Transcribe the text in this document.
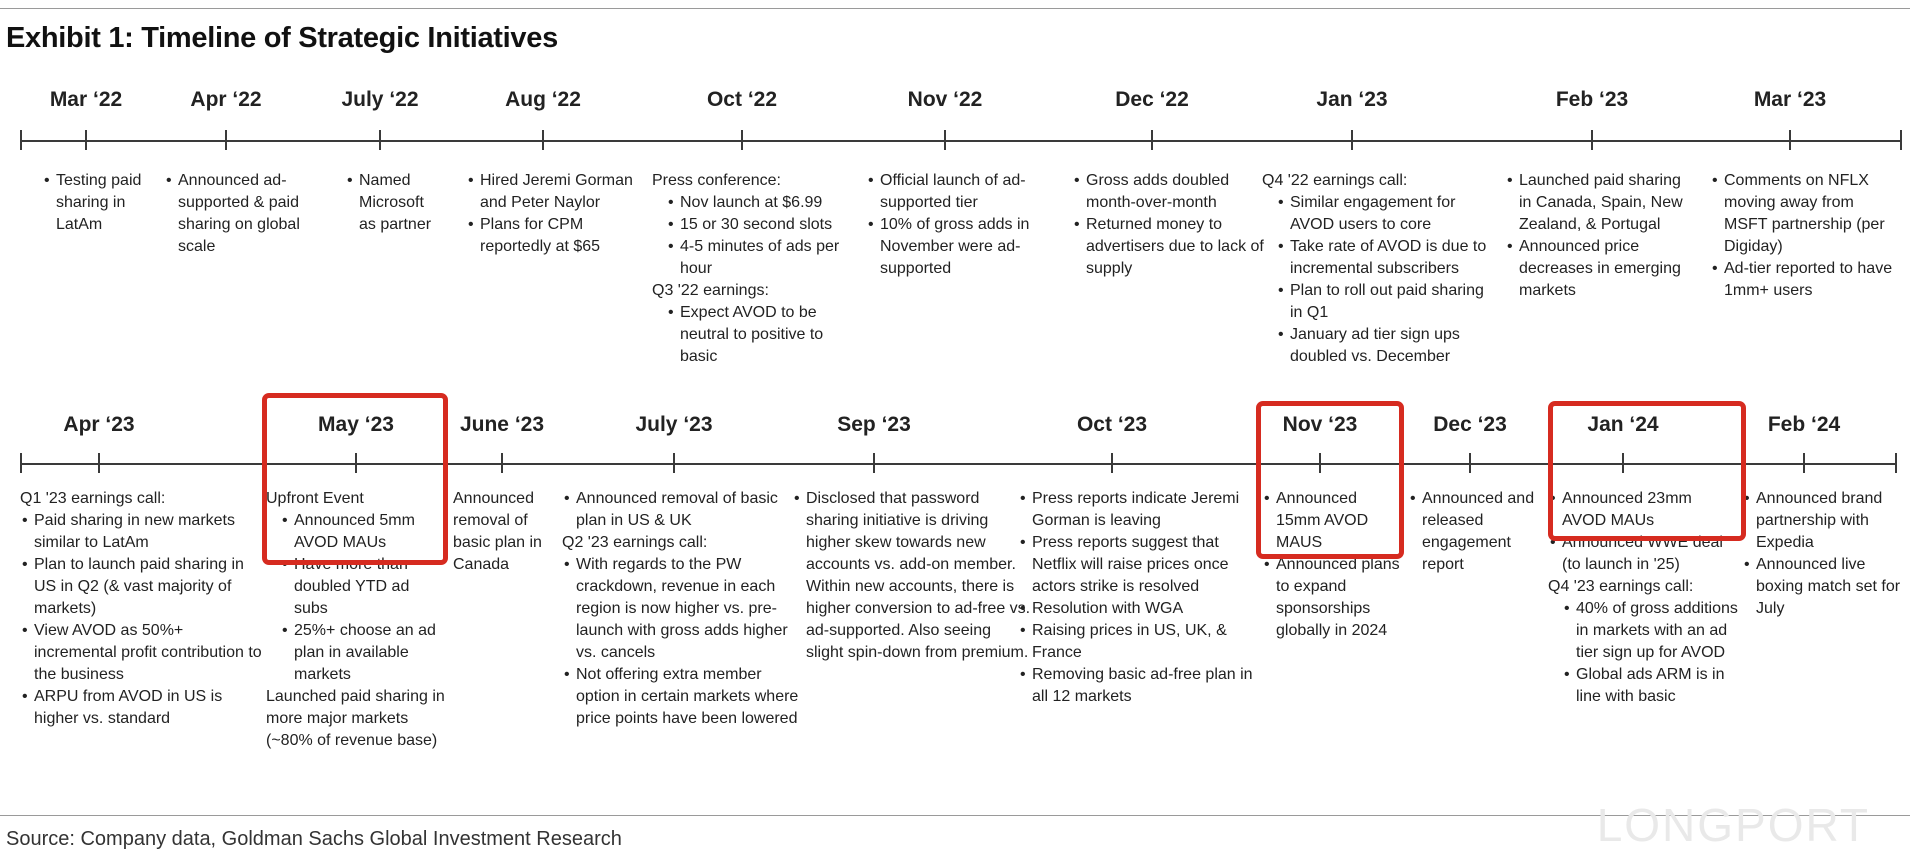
Exhibit 1: Timeline of Strategic Initiatives
Mar ‘22
• Testing paid sharing in LatAm
Apr ‘22
• Announced ad-supported & paid sharing on global scale
July ‘22
• Named Microsoft as partner
Aug ‘22
• Hired Jeremi Gorman and Peter Naylor
• Plans for CPM reportedly at $65
Oct ‘22
Press conference:
• Nov launch at $6.99
• 15 or 30 second slots
• 4-5 minutes of ads per hour
Q3 '22 earnings:
• Expect AVOD to be neutral to positive to basic
Nov ‘22
• Official launch of ad-supported tier
• 10% of gross adds in November were ad-supported
Dec ‘22
• Gross adds doubled month-over-month
• Returned money to advertisers due to lack of supply
Jan ‘23
Q4 '22 earnings call:
• Similar engagement for AVOD users to core
• Take rate of AVOD is due to incremental subscribers
• Plan to roll out paid sharing in Q1
• January ad tier sign ups doubled vs. December
Feb ‘23
• Launched paid sharing in Canada, Spain, New Zealand, & Portugal
• Announced price decreases in emerging markets
Mar ‘23
• Comments on NFLX moving away from MSFT partnership (per Digiday)
• Ad-tier reported to have 1mm+ users
Apr ‘23
Q1 '23 earnings call:
• Paid sharing in new markets similar to LatAm
• Plan to launch paid sharing in US in Q2 (& vast majority of markets)
• View AVOD as 50%+ incremental profit contribution to the business
• ARPU from AVOD in US is higher vs. standard
May ‘23
Upfront Event
• Announced 5mm AVOD MAUs
• Have more than doubled YTD ad subs
• 25%+ choose an ad plan in available markets
Launched paid sharing in more major markets (~80% of revenue base)
June ‘23
Announced removal of basic plan in Canada
July ‘23
• Announced removal of basic plan in US & UK
Q2 '23 earnings call:
• With regards to the PW crackdown, revenue in each region is now higher vs. pre-launch with gross adds higher vs. cancels
• Not offering extra member option in certain markets where price points have been lowered
Sep ‘23
• Disclosed that password sharing initiative is driving higher skew towards new accounts vs. add-on member. Within new accounts, there is higher conversion to ad-free vs. ad-supported. Also seeing slight spin-down from premium.
Oct ‘23
• Press reports indicate Jeremi Gorman is leaving
• Press reports suggest that Netflix will raise prices once actors strike is resolved
• Resolution with WGA
• Raising prices in US, UK, & France
• Removing basic ad-free plan in all 12 markets
Nov ‘23
• Announced 15mm AVOD MAUS
• Announced plans to expand sponsorships globally in 2024
Dec ‘23
• Announced and released engagement report
Jan ‘24
• Announced 23mm AVOD MAUs
• Announced WWE deal (to launch in '25)
Q4 '23 earnings call:
• 40% of gross additions in markets with an ad tier sign up for AVOD
• Global ads ARM is in line with basic
Feb ‘24
• Announced brand partnership with Expedia
• Announced live boxing match set for July
Source: Company data, Goldman Sachs Global Investment Research	LONGPORT
